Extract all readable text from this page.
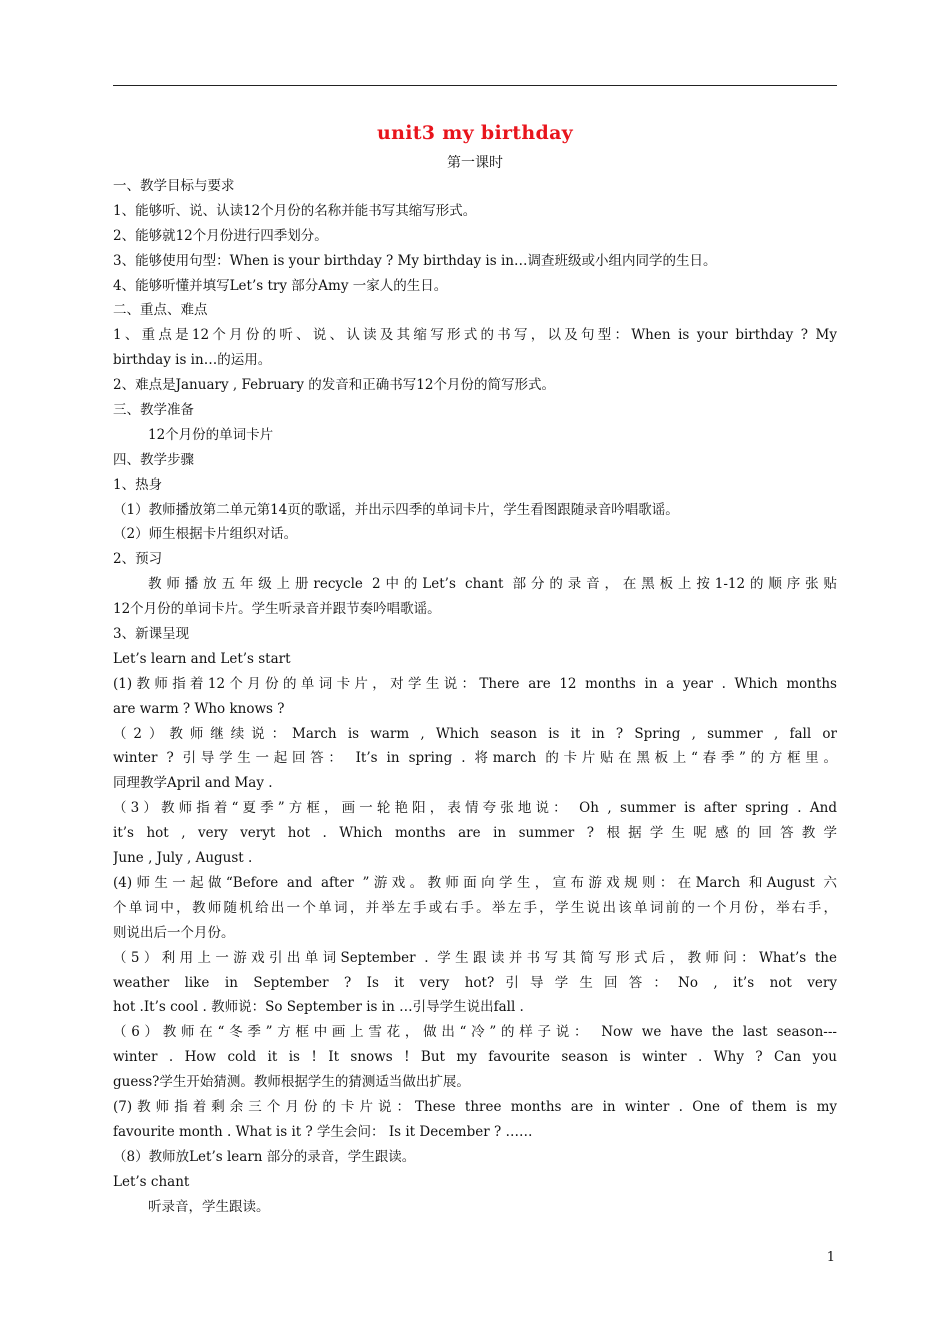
unit3 my birthday
第一课时
一、教学目标与要求
1、能够听、说、认读12个月份的名称并能书写其缩写形式。
2、能够就12个月份进行四季划分。
3、能够使用句型：When is your birthday ? My birthday is in…调查班级或小组内同学的生日。
4、能够听懂并填写Let’s try 部分Amy 一家人的生日。
二、重点、难点
1、重点是12个月份的听、说、认读及其缩写形式的书写，以及句型：When is your birthday ? My
birthday is in…的运用。
2、难点是January , February 的发音和正确书写12个月份的简写形式。
三、教学准备
12个月份的单词卡片
四、教学步骤
1、热身
（1）教师播放第二单元第14页的歌谣，并出示四季的单词卡片，学生看图跟随录音吟唱歌谣。
（2）师生根据卡片组织对话。
2、预习
教师播放五年级上册recycle 2中的Let’s chant 部分的录音，在黑板上按1-12的顺序张贴
12个月份的单词卡片。学生听录音并跟节奏吟唱歌谣。
3、新课呈现
Let’s learn and Let’s start
(1)教师指着12个月份的单词卡片，对学生说：There are 12 months in a year . Which months
are warm ? Who knows ?
（2）教师继续说：March is warm , Which season is it in ? Spring , summer , fall or
winter ? 引导学生一起回答： It’s in spring . 将march 的卡片贴在黑板上“春季”的方框里。
同理教学April and May .
（3）教师指着“夏季”方框，画一轮艳阳，表情夸张地说： Oh , summer is after spring . And
it’s hot , very veryt hot . Which months are in summer ? 根据学生呢感的回答教学
June , July , August .
(4)师生一起做“Before and after ”游戏。教师面向学生，宣布游戏规则：在March 和August 六
个单词中，教师随机给出一个单词，并举左手或右手。举左手，学生说出该单词前的一个月份，举右手，
则说出后一个月份。
（5）利用上一游戏引出单词September . 学生跟读并书写其简写形式后，教师问：What’s the
weather like in September ? Is it very hot?引导学生回答：No , it’s not very
hot .It’s cool . 教师说：So September is in …引导学生说出fall .
（6）教师在“冬季”方框中画上雪花，做出“冷”的样子说： Now we have the last season---
winter . How cold it is ! It snows ! But my favourite season is winter . Why ? Can you
guess?学生开始猜测。教师根据学生的猜测适当做出扩展。
(7)教师指着剩余三个月份的卡片说：These three months are in winter . One of them is my
favourite month . What is it ? 学生会问： Is it December ? ……
（8）教师放Let’s learn 部分的录音，学生跟读。
Let’s chant
听录音，学生跟读。
1
